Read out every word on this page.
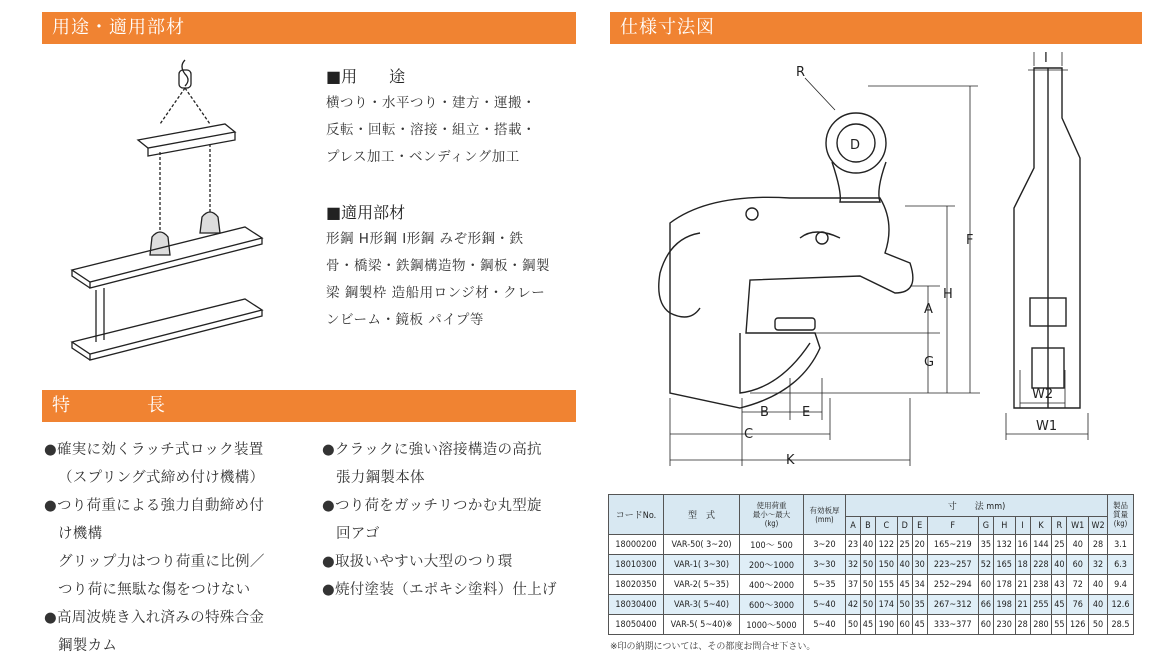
用途・適用部材	仕様寸法図
特　　　　長
■用　　途
横つり・水平つり・建方・運搬・
反転・回転・溶接・組立・搭載・
プレス加工・ベンディング加工
■適用部材
形鋼 H形鋼 I形鋼 みぞ形鋼・鉄
骨・橋梁・鉄鋼構造物・鋼板・鋼製
梁 鋼製枠 造船用ロンジ材・クレー
ンビーム・鏡板 パイプ等
●確実に効くラッチ式ロック装置
（スプリング式締め付け機構）
●つり荷重による強力自動締め付
け機構
グリップ力はつり荷重に比例／
つり荷に無駄な傷をつけない
●高周波焼き入れ済みの特殊合金
鋼製カム
●クラックに強い溶接構造の高抗
張力鋼製本体
●つり荷をガッチリつかむ丸型旋
回アゴ
●取扱いやすい大型のつり環
●焼付塗装（エポキシ塗料）仕上げ
R
D
F
H
A
G
B	E
C
K
I
W2
W1
コードNo.	型　式	使用荷重
最小～最大
(kg)	有効板厚
(mm)	寸　　法 mm)													製品
質量
(kg)
				A	B	C	D	E	F	G	H	I	K	R	W1	W2	
18000200	VAR-50( 3~20)	100～ 500	3~20	23	40	122	25	20	165~219	35	132	16	144	25	40	28	3.1
18010300	VAR-1( 3~30)	200～1000	3~30	32	50	150	40	30	223~257	52	165	18	228	40	60	32	6.3
18020350	VAR-2( 5~35)	400～2000	5~35	37	50	155	45	34	252~294	60	178	21	238	43	72	40	9.4
18030400	VAR-3( 5~40)	600～3000	5~40	42	50	174	50	35	267~312	66	198	21	255	45	76	40	12.6
18050400	VAR-5( 5~40)※	1000～5000	5~40	50	45	190	60	45	333~377	60	230	28	280	55	126	50	28.5
※印の納期については、その都度お問合せ下さい。
